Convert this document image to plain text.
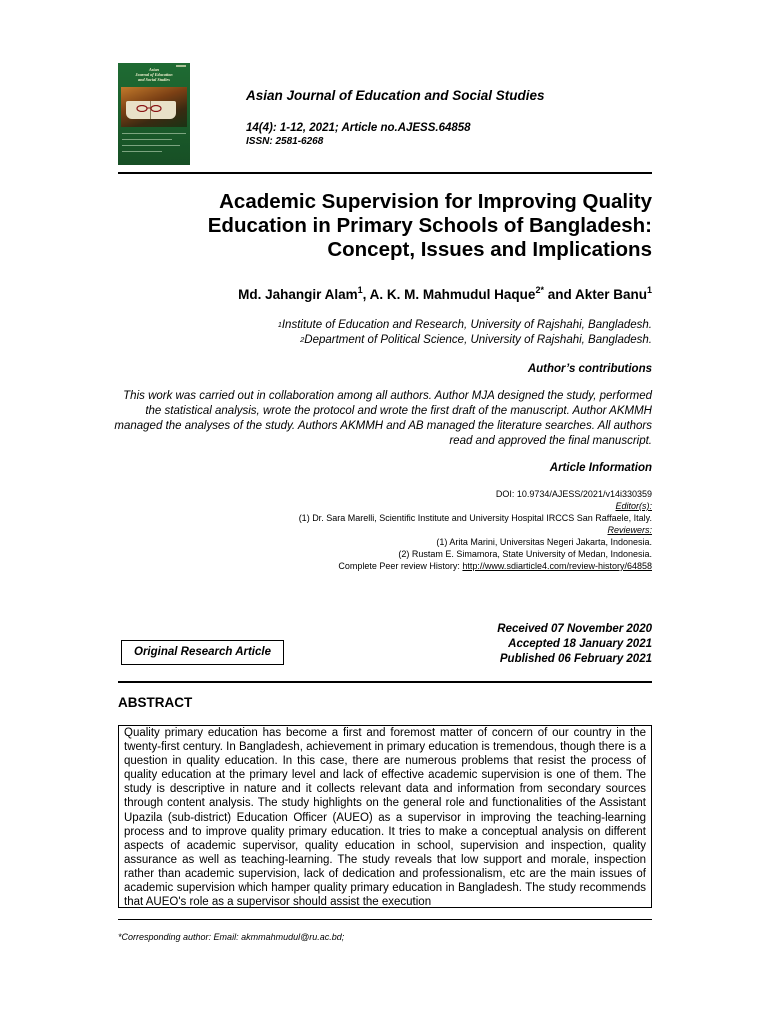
Asian
Journal of Education
and Social Studies
Asian Journal of Education and Social Studies
14(4): 1-12, 2021; Article no.AJESS.64858
ISSN: 2581-6268
Academic Supervision for Improving Quality Education in Primary Schools of Bangladesh: Concept, Issues and Implications
Md. Jahangir Alam$^1$, A. K. M. Mahmudul Haque$^{2*}$ and Akter Banu$^1$
$^1$Institute of Education and Research, University of Rajshahi, Bangladesh.
$^2$Department of Political Science, University of Rajshahi, Bangladesh.
Author’s contributions
This work was carried out in collaboration among all authors. Author MJA designed the study, performed the statistical analysis, wrote the protocol and wrote the first draft of the manuscript. Author AKMMH managed the analyses of the study. Authors AKMMH and AB managed the literature searches. All authors read and approved the final manuscript.
Article Information
DOI: 10.9734/AJESS/2021/v14i330359
Editor(s):
(1) Dr. Sara Marelli, Scientific Institute and University Hospital IRCCS San Raffaele, Italy.
Reviewers:
(1) Arita Marini, Universitas Negeri Jakarta, Indonesia.
(2) Rustam E. Simamora, State University of Medan, Indonesia.
Complete Peer review History: http://www.sdiarticle4.com/review-history/64858
Original Research Article
Received 07 November 2020
Accepted 18 January 2021
Published 06 February 2021
ABSTRACT
Quality primary education has become a first and foremost matter of concern of our country in the twenty-first century. In Bangladesh, achievement in primary education is tremendous, though there is a question in quality education. In this case, there are numerous problems that resist the process of quality education at the primary level and lack of effective academic supervision is one of them. The study is descriptive in nature and it collects relevant data and information from secondary sources through content analysis. The study highlights on the general role and functionalities of the Assistant Upazila (sub-district) Education Officer (AUEO) as a supervisor in improving the teaching-learning process and to improve quality primary education. It tries to make a conceptual analysis on different aspects of academic supervisor, quality education in school, supervision and inspection, quality assurance as well as teaching-learning. The study reveals that low support and morale, inspection rather than academic supervision, lack of dedication and professionalism, etc are the main issues of academic supervision which hamper quality primary education in Bangladesh. The study recommends that AUEO's role as a supervisor should assist the execution
*Corresponding author: Email: akmmahmudul@ru.ac.bd;
